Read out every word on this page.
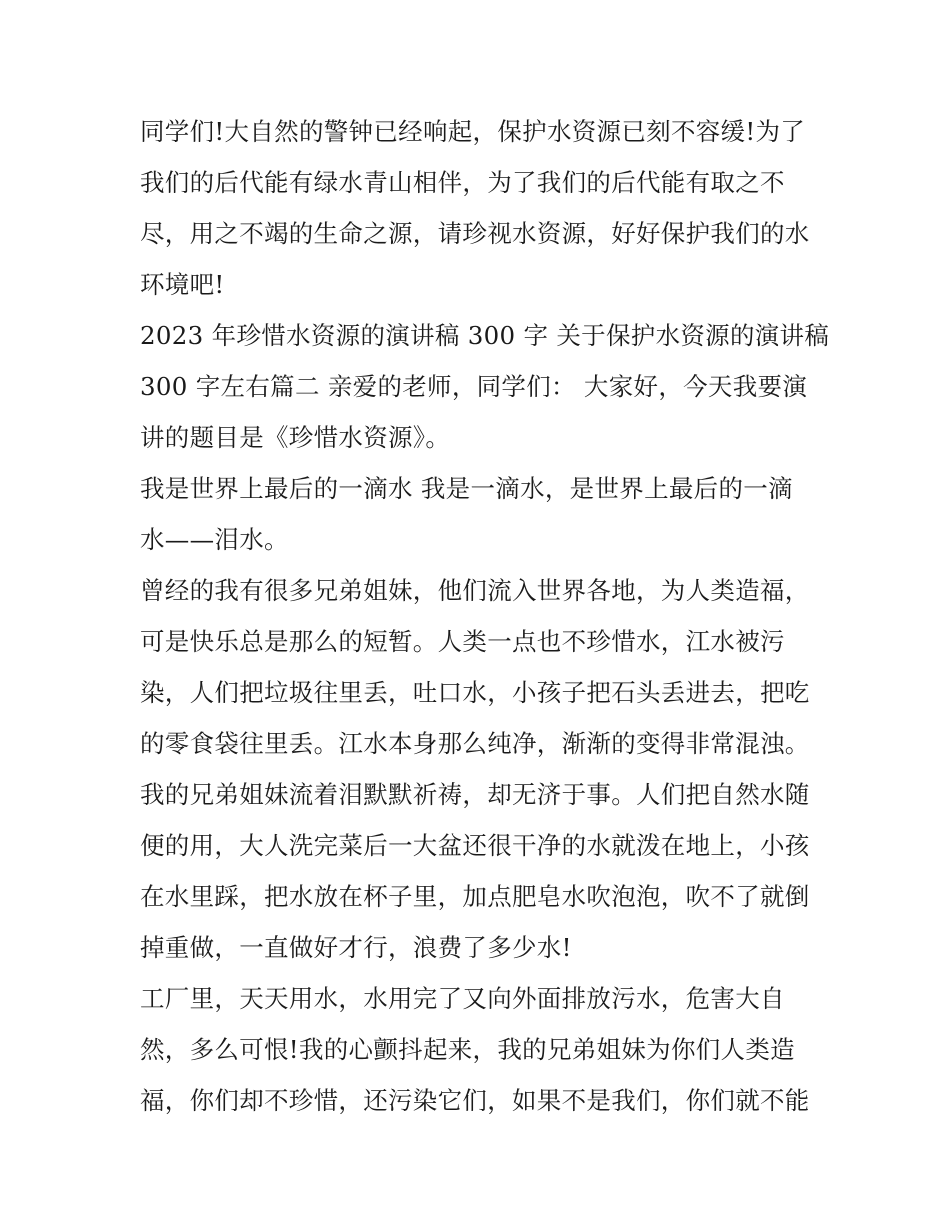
同学们!大自然的警钟已经响起，保护水资源已刻不容缓!为了
我们的后代能有绿水青山相伴，为了我们的后代能有取之不
尽，用之不竭的生命之源，请珍视水资源，好好保护我们的水
环境吧!

2023 年珍惜水资源的演讲稿 300 字 关于保护水资源的演讲稿
300 字左右篇二 亲爱的老师，同学们： 大家好，今天我要演
讲的题目是《珍惜水资源》。

我是世界上最后的一滴水 我是一滴水，是世界上最后的一滴
水——泪水。

曾经的我有很多兄弟姐妹，他们流入世界各地，为人类造福，
可是快乐总是那么的短暂。人类一点也不珍惜水，江水被污
染，人们把垃圾往里丢，吐口水，小孩子把石头丢进去，把吃
的零食袋往里丢。江水本身那么纯净，渐渐的变得非常混浊。
我的兄弟姐妹流着泪默默祈祷，却无济于事。人们把自然水随
便的用，大人洗完菜后一大盆还很干净的水就泼在地上，小孩
在水里踩，把水放在杯子里，加点肥皂水吹泡泡，吹不了就倒
掉重做，一直做好才行，浪费了多少水!

工厂里，天天用水，水用完了又向外面排放污水，危害大自
然，多么可恨!我的心颤抖起来，我的兄弟姐妹为你们人类造
福，你们却不珍惜，还污染它们，如果不是我们，你们就不能
